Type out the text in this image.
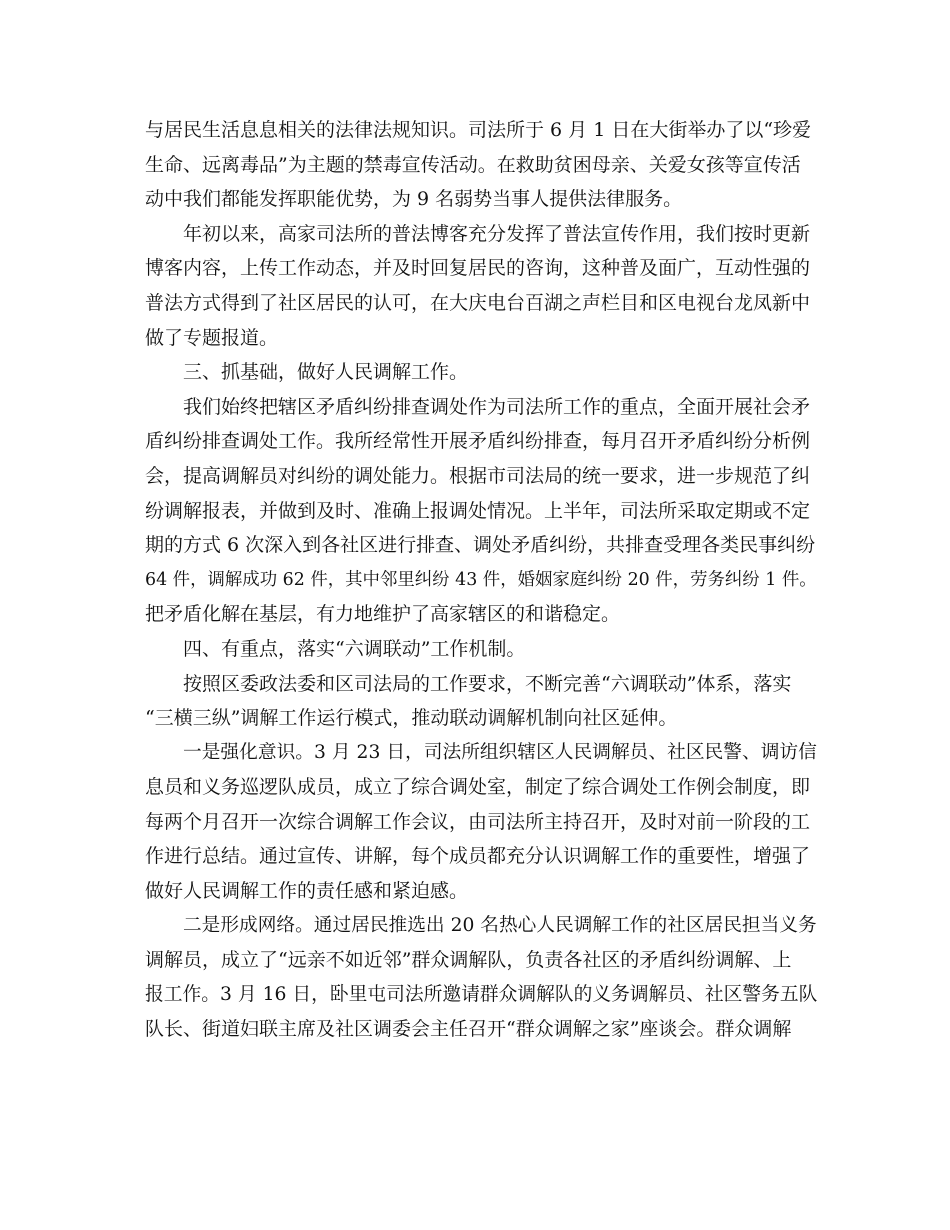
与居民生活息息相关的法律法规知识。司法所于 6 月 1 日在大街举办了以“珍爱
生命、远离毒品”为主题的禁毒宣传活动。在救助贫困母亲、关爱女孩等宣传活
动中我们都能发挥职能优势，为 9 名弱势当事人提供法律服务。
年初以来，高家司法所的普法博客充分发挥了普法宣传作用，我们按时更新
博客内容，上传工作动态，并及时回复居民的咨询，这种普及面广，互动性强的
普法方式得到了社区居民的认可，在大庆电台百湖之声栏目和区电视台龙凤新中
做了专题报道。
三、抓基础，做好人民调解工作。
我们始终把辖区矛盾纠纷排查调处作为司法所工作的重点，全面开展社会矛
盾纠纷排查调处工作。我所经常性开展矛盾纠纷排查，每月召开矛盾纠纷分析例
会，提高调解员对纠纷的调处能力。根据市司法局的统一要求，进一步规范了纠
纷调解报表，并做到及时、准确上报调处情况。上半年，司法所采取定期或不定
期的方式 6 次深入到各社区进行排查、调处矛盾纠纷，共排查受理各类民事纠纷
64 件，调解成功 62 件，其中邻里纠纷 43 件，婚姻家庭纠纷 20 件，劳务纠纷 1 件。
把矛盾化解在基层，有力地维护了高家辖区的和谐稳定。
四、有重点，落实“六调联动”工作机制。
按照区委政法委和区司法局的工作要求，不断完善“六调联动”体系，落实
“三横三纵”调解工作运行模式，推动联动调解机制向社区延伸。
一是强化意识。3 月 23 日，司法所组织辖区人民调解员、社区民警、调访信
息员和义务巡逻队成员，成立了综合调处室，制定了综合调处工作例会制度，即
每两个月召开一次综合调解工作会议，由司法所主持召开，及时对前一阶段的工
作进行总结。通过宣传、讲解，每个成员都充分认识调解工作的重要性，增强了
做好人民调解工作的责任感和紧迫感。
二是形成网络。通过居民推选出 20 名热心人民调解工作的社区居民担当义务
调解员，成立了“远亲不如近邻”群众调解队，负责各社区的矛盾纠纷调解、上
报工作。3 月 16 日，卧里屯司法所邀请群众调解队的义务调解员、社区警务五队
队长、街道妇联主席及社区调委会主任召开“群众调解之家”座谈会。群众调解
